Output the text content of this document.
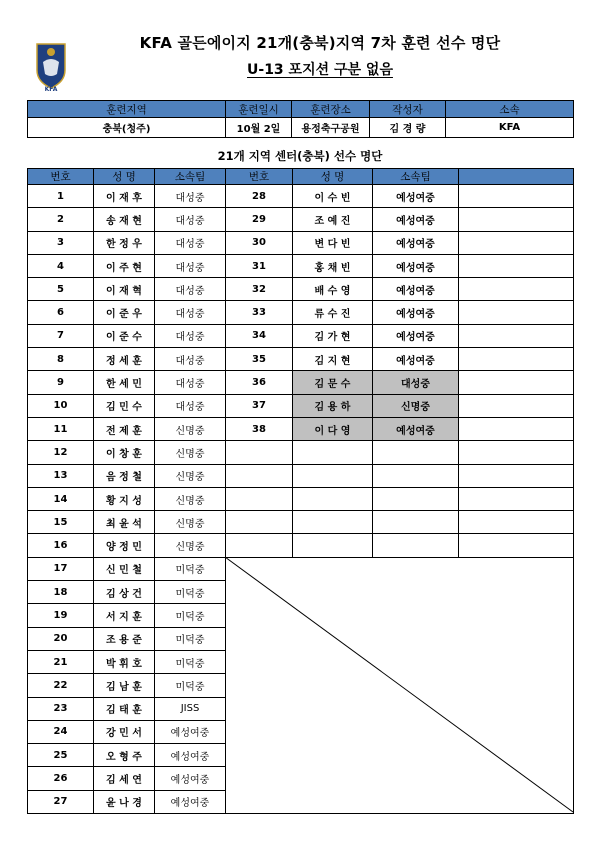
KFA
KFA 골든에이지 21개(충북)지역 7차 훈련 선수 명단
U-13 포지션 구분 없음
훈련지역	훈련일시	훈련장소	작성자	소속
충북(청주)	10월 2일	용정축구공원	김 경 량	KFA
21개 지역 센터(충북) 선수 명단
번호	성 명	소속팀	번호	성 명	소속팀	
1	이 재 후	대성중	28	이 수 빈	예성여중	
2	송 재 현	대성중	29	조 예 진	예성여중	
3	한 정 우	대성중	30	변 다 빈	예성여중	
4	이 주 현	대성중	31	홍 채 빈	예성여중	
5	이 재 혁	대성중	32	배 수 영	예성여중	
6	이 준 우	대성중	33	류 수 진	예성여중	
7	이 준 수	대성중	34	김 가 현	예성여중	
8	정 세 훈	대성중	35	김 지 현	예성여중	
9	한 세 민	대성중	36	김 문 수	대성중	
10	김 민 수	대성중	37	김 용 하	신명중	
11	전 제 훈	신명중	38	이 다 영	예성여중	
12	이 창 훈	신명중				
13	음 정 철	신명중				
14	황 지 성	신명중				
15	최 윤 석	신명중				
16	양 정 민	신명중				
17	신 민 철	미덕중				
18	김 상 건	미덕중				
19	서 지 훈	미덕중				
20	조 용 준	미덕중				
21	박 휘 호	미덕중				
22	김 남 훈	미덕중				
23	김 태 훈	JISS				
24	강 민 서	예성여중				
25	오 형 주	예성여중				
26	김 세 연	예성여중				
27	윤 나 경	예성여중				
